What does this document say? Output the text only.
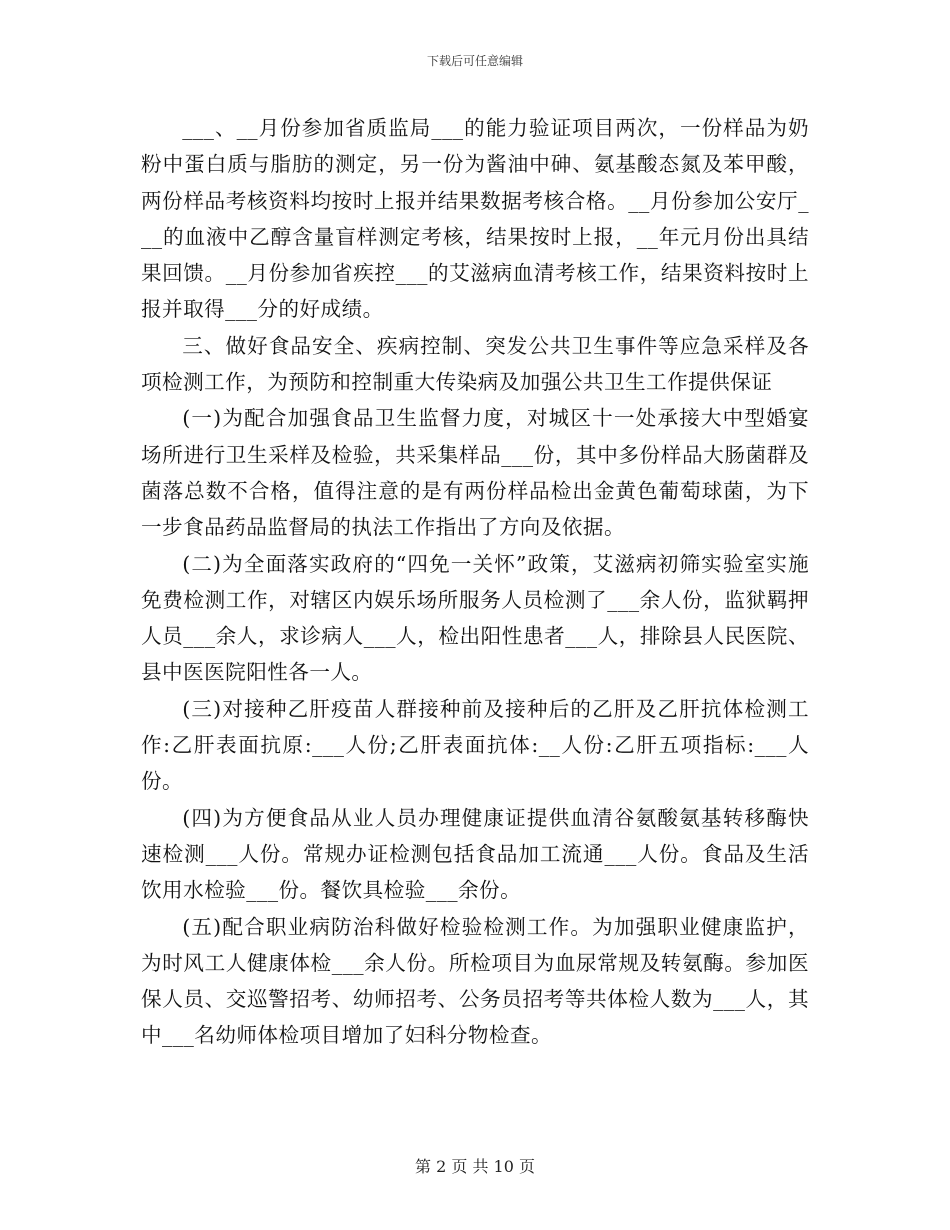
下载后可任意编辑

___、__月份参加省质监局___的能力验证项目两次，一份样品为奶粉中蛋白质与脂肪的测定，另一份为酱油中砷、氨基酸态氮及苯甲酸，两份样品考核资料均按时上报并结果数据考核合格。__月份参加公安厅___的血液中乙醇含量盲样测定考核，结果按时上报，__年元月份出具结果回馈。__月份参加省疾控___的艾滋病血清考核工作，结果资料按时上报并取得___分的好成绩。

三、做好食品安全、疾病控制、突发公共卫生事件等应急采样及各项检测工作，为预防和控制重大传染病及加强公共卫生工作提供保证

(一)为配合加强食品卫生监督力度，对城区十一处承接大中型婚宴场所进行卫生采样及检验，共采集样品___份，其中多份样品大肠菌群及菌落总数不合格，值得注意的是有两份样品检出金黄色葡萄球菌，为下一步食品药品监督局的执法工作指出了方向及依据。

(二)为全面落实政府的“四免一关怀”政策，艾滋病初筛实验室实施免费检测工作，对辖区内娱乐场所服务人员检测了___余人份，监狱羁押人员___余人，求诊病人___人，检出阳性患者___人，排除县人民医院、县中医医院阳性各一人。

(三)对接种乙肝疫苗人群接种前及接种后的乙肝及乙肝抗体检测工作:乙肝表面抗原:___人份;乙肝表面抗体:__人份:乙肝五项指标:___人份。

(四)为方便食品从业人员办理健康证提供血清谷氨酸氨基转移酶快速检测___人份。常规办证检测包括食品加工流通___人份。食品及生活饮用水检验___份。餐饮具检验___余份。

(五)配合职业病防治科做好检验检测工作。为加强职业健康监护，为时风工人健康体检___余人份。所检项目为血尿常规及转氨酶。参加医保人员、交巡警招考、幼师招考、公务员招考等共体检人数为___人，其中___名幼师体检项目增加了妇科分物检查。

第 2 页 共 10 页
